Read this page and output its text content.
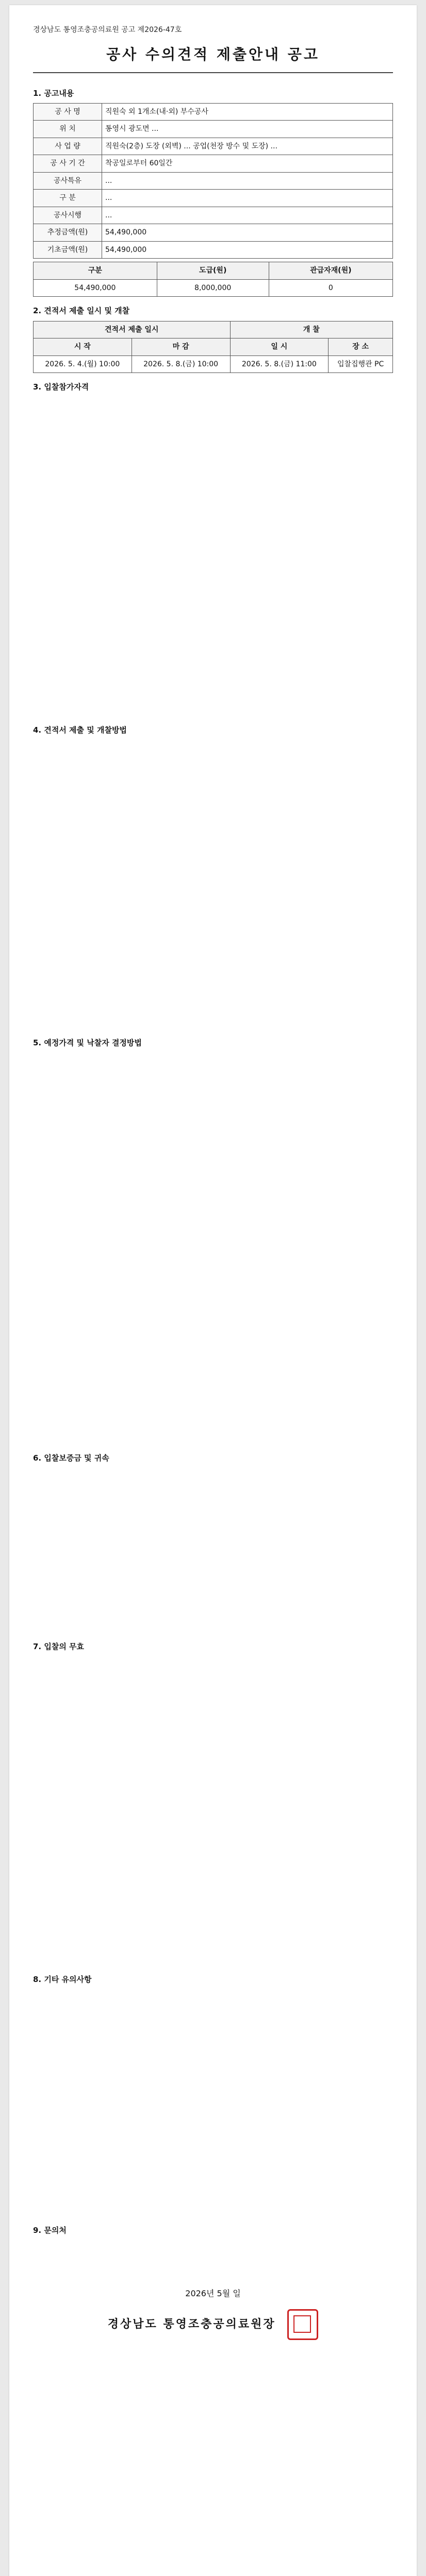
경상남도 통영조충공의료원 공고 제2026-47호
공사 수의견적 제출안내 공고
1. 공고내용
공 사 명	직원숙 외 1개소(내·외) 부수공사
위 치	통영시 광도면 ...
사 업 량	직원숙(2층) 도장 (외벽) ... 공업(천장 방수 및 도장) ...
공 사 기 간	착공일로부터 60일간
공사특유	...
구 분	...
공사시행	...
추정금액(원)	54,490,000
기초금액(원)	54,490,000
구분	도급(원)	관급자재(원)
54,490,000	8,000,000	0
2. 견적서 제출 일시 및 개찰
견적서 제출 일시		개 찰	
시 작	마 감	일 시	장 소
2026. 5. 4.(월) 10:00	2026. 5. 8.(금) 10:00	2026. 5. 8.(금) 11:00	입찰집행관 PC
3. 입찰참가자격
4. 견적서 제출 및 개찰방법
5. 예정가격 및 낙찰자 결정방법
6. 입찰보증금 및 귀속
7. 입찰의 무효
8. 기타 유의사항
9. 문의처
2026년 5월 일
경상남도 통영조충공의료원장
